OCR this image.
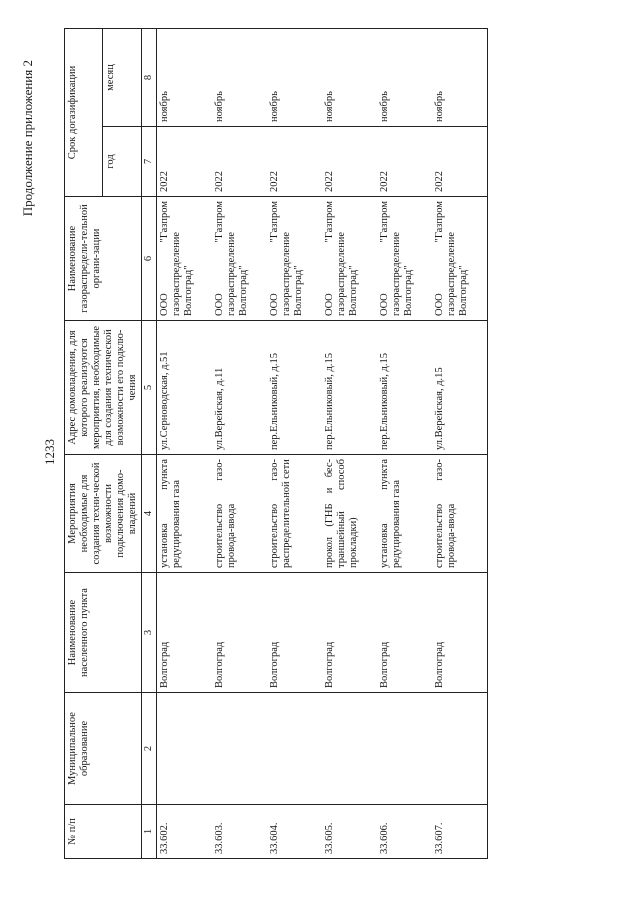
1233
Продолжение приложения 2
№ п/п	Муниципальное образование	Наименование населенного пункта	Мероприятия необходимые для создания техни-ческой возможности подключения домо-владений	Адрес домовладения, для которого реализуются мероприятия, необходимые для создания технической возможности его подклю-чения	Наименование газораспредели-тельной органи-зации	Срок догазификации	
						год	месяц
1	2	3	4	5	6	7	8
33.602.		Волгоград	установка пункта редуцирования газа	ул.Серноводская, д.51	ООО "Газпром газораспределение Волгоград"	2022	ноябрь
33.603.		Волгоград	строительство газо-провода-ввода	ул.Верейская, д.11	ООО "Газпром газораспределение Волгоград"	2022	ноябрь
33.604.		Волгоград	строительство газо-распределительной сети	пер.Ельниковый, д.15	ООО "Газпром газораспределение Волгоград"	2022	ноябрь
33.605.		Волгоград	прокол (ГНБ и бес-траншейный способ прокладки)	пер.Ельниковый, д.15	ООО "Газпром газораспределение Волгоград"	2022	ноябрь
33.606.		Волгоград	установка пункта редуцирования газа	пер.Ельниковый, д.15	ООО "Газпром газораспределение Волгоград"	2022	ноябрь
33.607.		Волгоград	строительство газо-провода-ввода	ул.Верейская, д.15	ООО "Газпром газораспределение Волгоград"	2022	ноябрь
